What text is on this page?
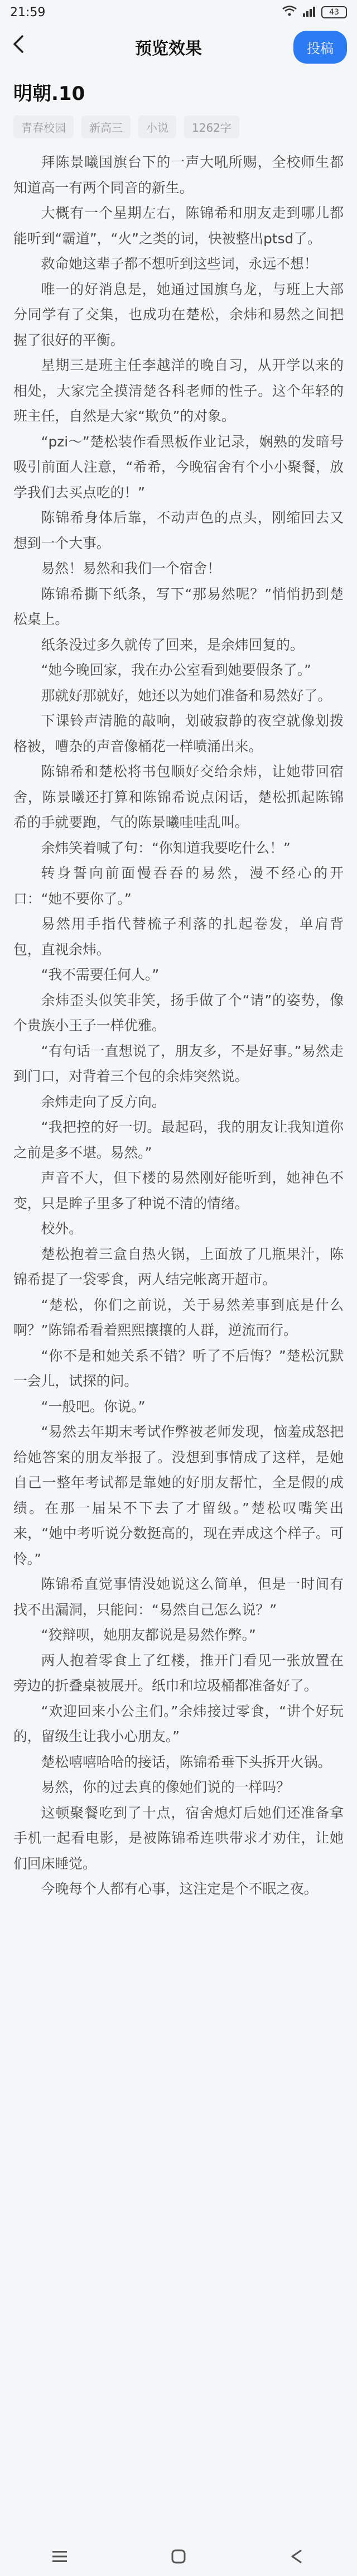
21:59	43
预览效果	投稿
明朝.10
青春校园	新高三	小说	1262字

拜陈景曦国旗台下的一声大吼所赐，全校师生都知道高一有两个同音的新生。

大概有一个星期左右，陈锦希和朋友走到哪儿都能听到“霸道”，“火”之类的词，快被整出ptsd了。

救命她这辈子都不想听到这些词，永远不想！

唯一的好消息是，她通过国旗乌龙，与班上大部分同学有了交集，也成功在楚松，余炜和易然之间把握了很好的平衡。

星期三是班主任李越洋的晚自习，从开学以来的相处，大家完全摸清楚各科老师的性子。这个年轻的班主任，自然是大家“欺负”的对象。

“pzi～”楚松装作看黑板作业记录，娴熟的发暗号吸引前面人注意，“希希，今晚宿舍有个小小聚餐，放学我们去买点吃的！”

陈锦希身体后靠，不动声色的点头，刚缩回去又想到一个大事。

易然！易然和我们一个宿舍！

陈锦希撕下纸条，写下“那易然呢？”悄悄扔到楚松桌上。

纸条没过多久就传了回来，是余炜回复的。

“她今晚回家，我在办公室看到她要假条了。”

那就好那就好，她还以为她们准备和易然好了。

下课铃声清脆的敲响，划破寂静的夜空就像划拨格被，嘈杂的声音像桶花一样喷涌出来。

陈锦希和楚松将书包顺好交给余炜，让她带回宿舍，陈景曦还打算和陈锦希说点闲话，楚松抓起陈锦希的手就要跑，气的陈景曦哇哇乱叫。

余炜笑着喊了句：“你知道我要吃什么！”

转身誓向前面慢吞吞的易然，漫不经心的开口：“她不要你了。”

易然用手指代替梳子利落的扎起卷发，单肩背包，直视余炜。

“我不需要任何人。”

余炜歪头似笑非笑，扬手做了个“请”的姿势，像个贵族小王子一样优雅。

“有句话一直想说了，朋友多，不是好事。”易然走到门口，对背着三个包的余炜突然说。

余炜走向了反方向。

“我把控的好一切。最起码，我的朋友让我知道你之前是多不堪。易然。”

声音不大，但下楼的易然刚好能听到，她神色不变，只是眸子里多了种说不清的情绪。

校外。

楚松抱着三盒自热火锅，上面放了几瓶果汁，陈锦希提了一袋零食，两人结完帐离开超市。

“楚松，你们之前说，关于易然差事到底是什么啊？”陈锦希看着熙熙攘攘的人群，逆流而行。

“你不是和她关系不错？听了不后悔？”楚松沉默一会儿，试探的问。

“一般吧。你说。”

“易然去年期末考试作弊被老师发现，恼羞成怒把给她答案的朋友举报了。没想到事情成了这样，是她自己一整年考试都是靠她的好朋友帮忙，全是假的成绩。在那一届呆不下去了才留级。”楚松叹嘴笑出来，“她中考听说分数挺高的，现在弄成这个样子。可怜。”

陈锦希直觉事情没她说这么简单，但是一时间有找不出漏洞，只能问：“易然自己怎么说？”

“狡辩呗，她朋友都说是易然作弊。”

两人抱着零食上了红楼，推开门看见一张放置在旁边的折叠桌被展开。纸巾和垃圾桶都准备好了。

“欢迎回来小公主们。”余炜接过零食，“讲个好玩的，留级生让我小心朋友。”

楚松嘻嘻哈哈的接话，陈锦希垂下头拆开火锅。

易然，你的过去真的像她们说的一样吗？

这顿聚餐吃到了十点，宿舍熄灯后她们还准备拿手机一起看电影，是被陈锦希连哄带求才劝住，让她们回床睡觉。

今晚每个人都有心事，这注定是个不眠之夜。
